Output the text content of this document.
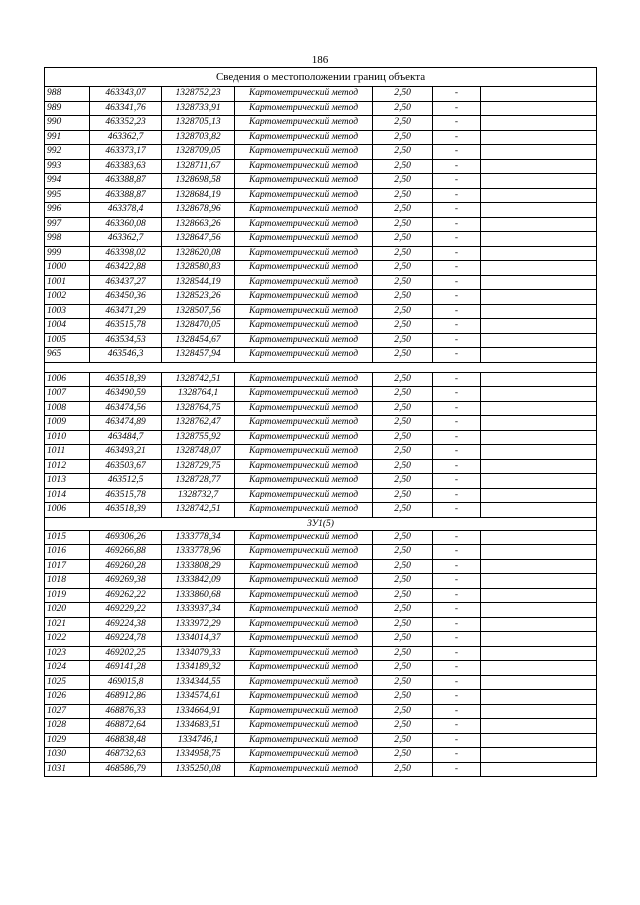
186
Сведения о местоположении границ объекта						
988	463343,07	1328752,23	Картометрический метод	2,50	-	
989	463341,76	1328733,91	Картометрический метод	2,50	-	
990	463352,23	1328705,13	Картометрический метод	2,50	-	
991	463362,7	1328703,82	Картометрический метод	2,50	-	
992	463373,17	1328709,05	Картометрический метод	2,50	-	
993	463383,63	1328711,67	Картометрический метод	2,50	-	
994	463388,87	1328698,58	Картометрический метод	2,50	-	
995	463388,87	1328684,19	Картометрический метод	2,50	-	
996	463378,4	1328678,96	Картометрический метод	2,50	-	
997	463360,08	1328663,26	Картометрический метод	2,50	-	
998	463362,7	1328647,56	Картометрический метод	2,50	-	
999	463398,02	1328620,08	Картометрический метод	2,50	-	
1000	463422,88	1328580,83	Картометрический метод	2,50	-	
1001	463437,27	1328544,19	Картометрический метод	2,50	-	
1002	463450,36	1328523,26	Картометрический метод	2,50	-	
1003	463471,29	1328507,56	Картометрический метод	2,50	-	
1004	463515,78	1328470,05	Картометрический метод	2,50	-	
1005	463534,53	1328454,67	Картометрический метод	2,50	-	
965	463546,3	1328457,94	Картометрический метод	2,50	-	

1006	463518,39	1328742,51	Картометрический метод	2,50	-	
1007	463490,59	1328764,1	Картометрический метод	2,50	-	
1008	463474,56	1328764,75	Картометрический метод	2,50	-	
1009	463474,89	1328762,47	Картометрический метод	2,50	-	
1010	463484,7	1328755,92	Картометрический метод	2,50	-	
1011	463493,21	1328748,07	Картометрический метод	2,50	-	
1012	463503,67	1328729,75	Картометрический метод	2,50	-	
1013	463512,5	1328728,77	Картометрический метод	2,50	-	
1014	463515,78	1328732,7	Картометрический метод	2,50	-	
1006	463518,39	1328742,51	Картометрический метод	2,50	-	
ЗУ1(5)						
1015	469306,26	1333778,34	Картометрический метод	2,50	-	
1016	469266,88	1333778,96	Картометрический метод	2,50	-	
1017	469260,28	1333808,29	Картометрический метод	2,50	-	
1018	469269,38	1333842,09	Картометрический метод	2,50	-	
1019	469262,22	1333860,68	Картометрический метод	2,50	-	
1020	469229,22	1333937,34	Картометрический метод	2,50	-	
1021	469224,38	1333972,29	Картометрический метод	2,50	-	
1022	469224,78	1334014,37	Картометрический метод	2,50	-	
1023	469202,25	1334079,33	Картометрический метод	2,50	-	
1024	469141,28	1334189,32	Картометрический метод	2,50	-	
1025	469015,8	1334344,55	Картометрический метод	2,50	-	
1026	468912,86	1334574,61	Картометрический метод	2,50	-	
1027	468876,33	1334664,91	Картометрический метод	2,50	-	
1028	468872,64	1334683,51	Картометрический метод	2,50	-	
1029	468838,48	1334746,1	Картометрический метод	2,50	-	
1030	468732,63	1334958,75	Картометрический метод	2,50	-	
1031	468586,79	1335250,08	Картометрический метод	2,50	-	
